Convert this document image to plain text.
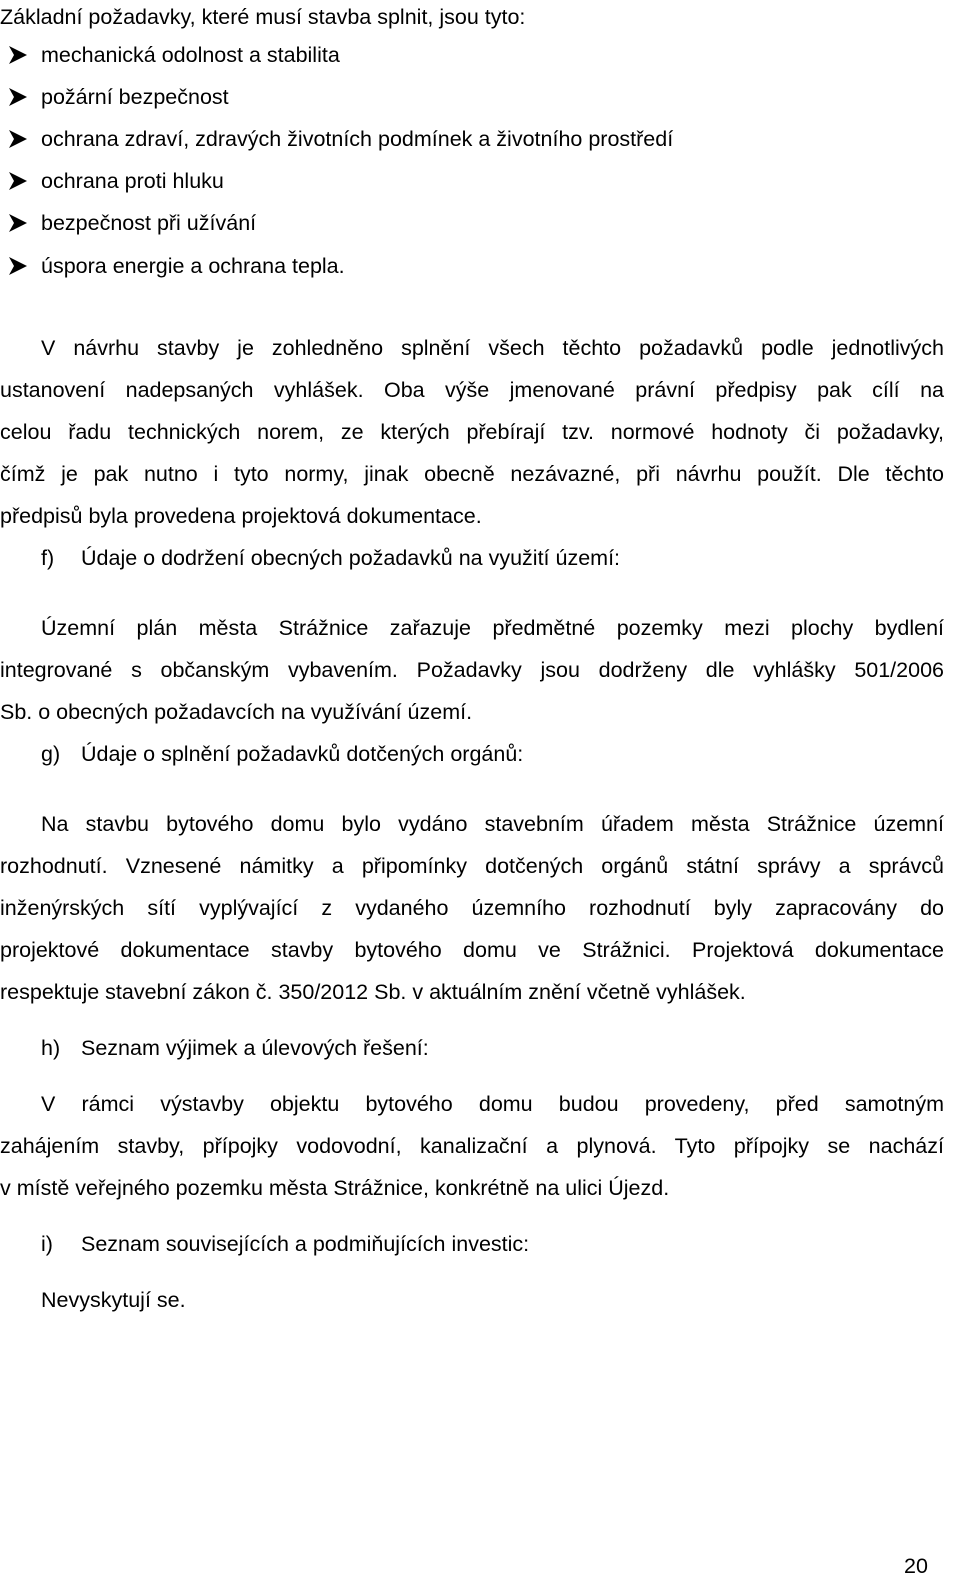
Základní požadavky, které musí stavba splnit, jsou tyto:
mechanická odolnost a stabilita
požární bezpečnost
ochrana zdraví, zdravých životních podmínek a životního prostředí
ochrana proti hluku
bezpečnost při užívání
úspora energie a ochrana tepla.
V návrhu stavby je zohledněno splnění všech těchto požadavků podle jednotlivých
ustanovení nadepsaných vyhlášek. Oba výše jmenované právní předpisy pak cílí na
celou řadu technických norem, ze kterých přebírají tzv. normové hodnoty či požadavky,
čímž je pak nutno i tyto normy, jinak obecně nezávazné, při návrhu použít. Dle těchto
předpisů byla provedena projektová dokumentace.
f) Údaje o dodržení obecných požadavků na využití území:
Územní plán města Strážnice zařazuje předmětné pozemky mezi plochy bydlení
integrované s občanským vybavením. Požadavky jsou dodrženy dle vyhlášky 501/2006
Sb. o obecných požadavcích na využívání území.
g) Údaje o splnění požadavků dotčených orgánů:
Na stavbu bytového domu bylo vydáno stavebním úřadem města Strážnice územní
rozhodnutí. Vznesené námitky a připomínky dotčených orgánů státní správy a správců
inženýrských sítí vyplývající z vydaného územního rozhodnutí byly zapracovány do
projektové dokumentace stavby bytového domu ve Strážnici. Projektová dokumentace
respektuje stavební zákon č. 350/2012 Sb. v aktuálním znění včetně vyhlášek.
h) Seznam výjimek a úlevových řešení:
V rámci výstavby objektu bytového domu budou provedeny, před samotným
zahájením stavby, přípojky vodovodní, kanalizační a plynová. Tyto přípojky se nachází
v místě veřejného pozemku města Strážnice, konkrétně na ulici Újezd.
i) Seznam souvisejících a podmiňujících investic:
Nevyskytují se.
20
